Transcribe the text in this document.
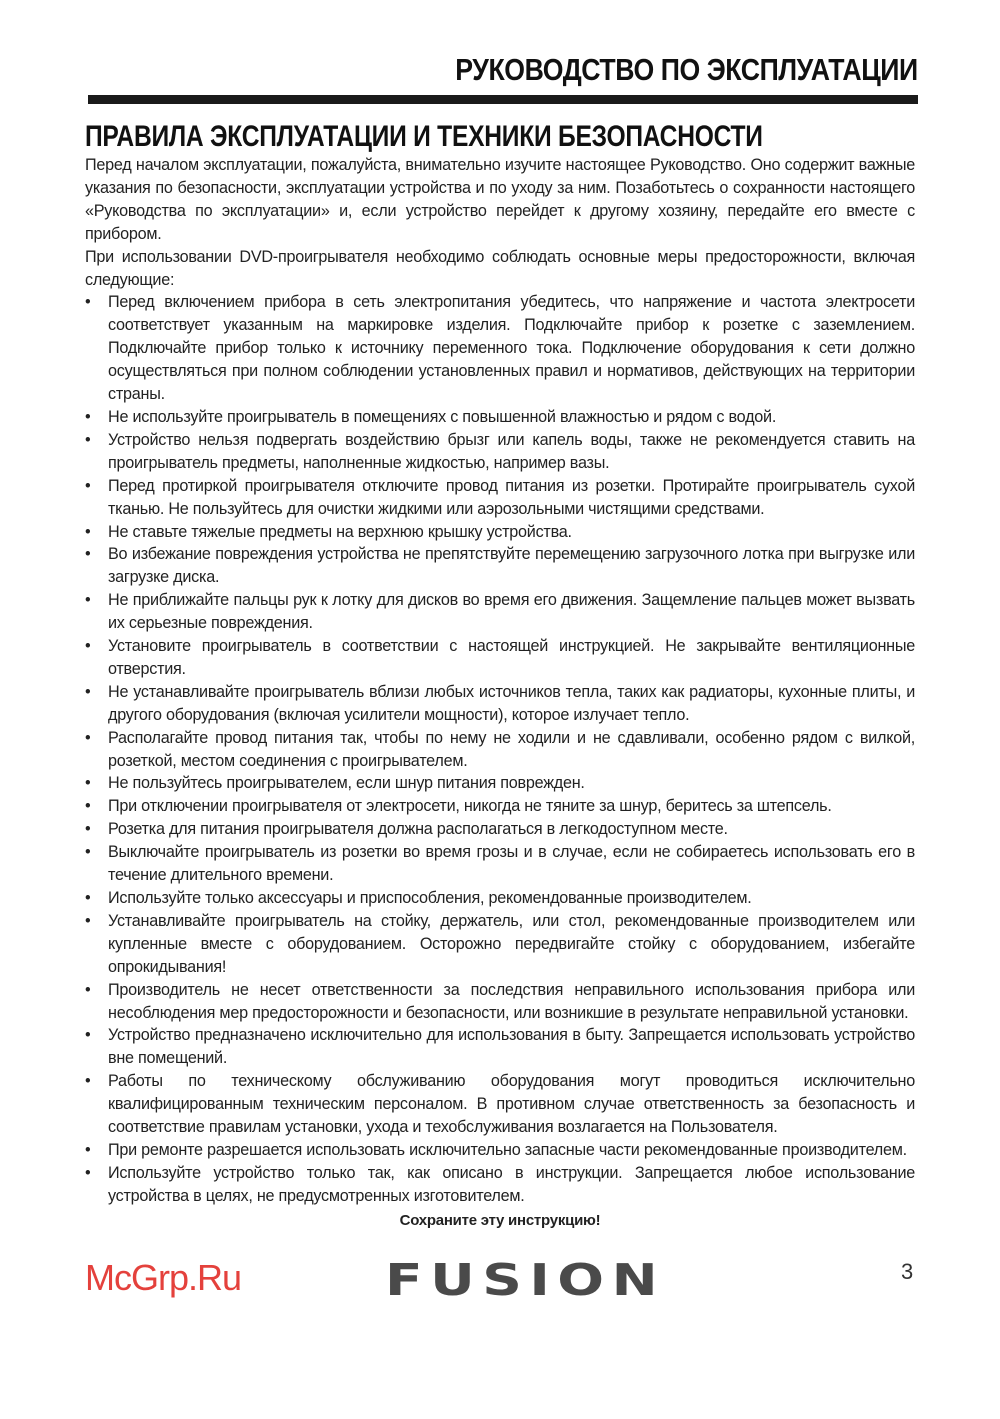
РУКОВОДСТВО ПО ЭКСПЛУАТАЦИИ
ПРАВИЛА ЭКСПЛУАТАЦИИ И ТЕХНИКИ БЕЗОПАСНОСТИ

Перед началом эксплуатации, пожалуйста, внимательно изучите настоящее Руководство. Оно содержит важные указания по безопасности, эксплуатации устройства и по уходу за ним. Позаботьтесь о сохранности настоящего «Руководства по эксплуатации» и, если устройство перейдет к другому хозяину, передайте его вместе с прибором.

При использовании DVD-проигрывателя необходимо соблюдать основные меры предосторожности, включая следующие:

• Перед включением прибора в сеть электропитания убедитесь, что напряжение и частота электросети соответствует указанным на маркировке изделия. Подключайте прибор к розетке с заземлением. Подключайте прибор только к источнику переменного тока. Подключение оборудования к сети должно осуществляться при полном соблюдении установленных правил и нормативов, действующих на территории страны.
• Не используйте проигрыватель в помещениях с повышенной влажностью и рядом с водой.
• Устройство нельзя подвергать воздействию брызг или капель воды, также не рекомендуется ставить на проигрыватель предметы, наполненные жидкостью, например вазы.
• Перед протиркой проигрывателя отключите провод питания из розетки. Протирайте проигрыватель сухой тканью. Не пользуйтесь для очистки жидкими или аэрозольными чистящими средствами.
• Не ставьте тяжелые предметы на верхнюю крышку устройства.
• Во избежание повреждения устройства не препятствуйте перемещению загрузочного лотка при выгрузке или загрузке диска.
• Не приближайте пальцы рук к лотку для дисков во время его движения. Защемление пальцев может вызвать их серьезные повреждения.
• Установите проигрыватель в соответствии с настоящей инструкцией. Не закрывайте вентиляционные отверстия.
• Не устанавливайте проигрыватель вблизи любых источников тепла, таких как радиаторы, кухонные плиты, и другого оборудования (включая усилители мощности), которое излучает тепло.
• Располагайте провод питания так, чтобы по нему не ходили и не сдавливали, особенно рядом с вилкой, розеткой, местом соединения с проигрывателем.
• Не пользуйтесь проигрывателем, если шнур питания поврежден.
• При отключении проигрывателя от электросети, никогда не тяните за шнур, беритесь за штепсель.
• Розетка для питания проигрывателя должна располагаться в легкодоступном месте.
• Выключайте проигрыватель из розетки во время грозы и в случае, если не собираетесь использовать его в течение длительного времени.
• Используйте только аксессуары и приспособления, рекомендованные производителем.
• Устанавливайте проигрыватель на стойку, держатель, или стол, рекомендованные производителем или купленные вместе с оборудованием. Осторожно передвигайте стойку с оборудованием, избегайте опрокидывания!
• Производитель не несет ответственности за последствия неправильного использования прибора или несоблюдения мер предосторожности и безопасности, или возникшие в результате неправильной установки.
• Устройство предназначено исключительно для использования в быту. Запрещается использовать устройство вне помещений.
• Работы по техническому обслуживанию оборудования могут проводиться исключительно квалифицированным техническим персоналом. В противном случае ответственность за безопасность и соответствие правилам установки, ухода и техобслуживания возлагается на Пользователя.
• При ремонте разрешается использовать исключительно запасные части рекомендованные производителем.
• Используйте устройство только так, как описано в инструкции. Запрещается любое использование устройства в целях, не предусмотренных изготовителем.
Сохраните эту инструкцию!
McGrp.Ru	FUSION	3
